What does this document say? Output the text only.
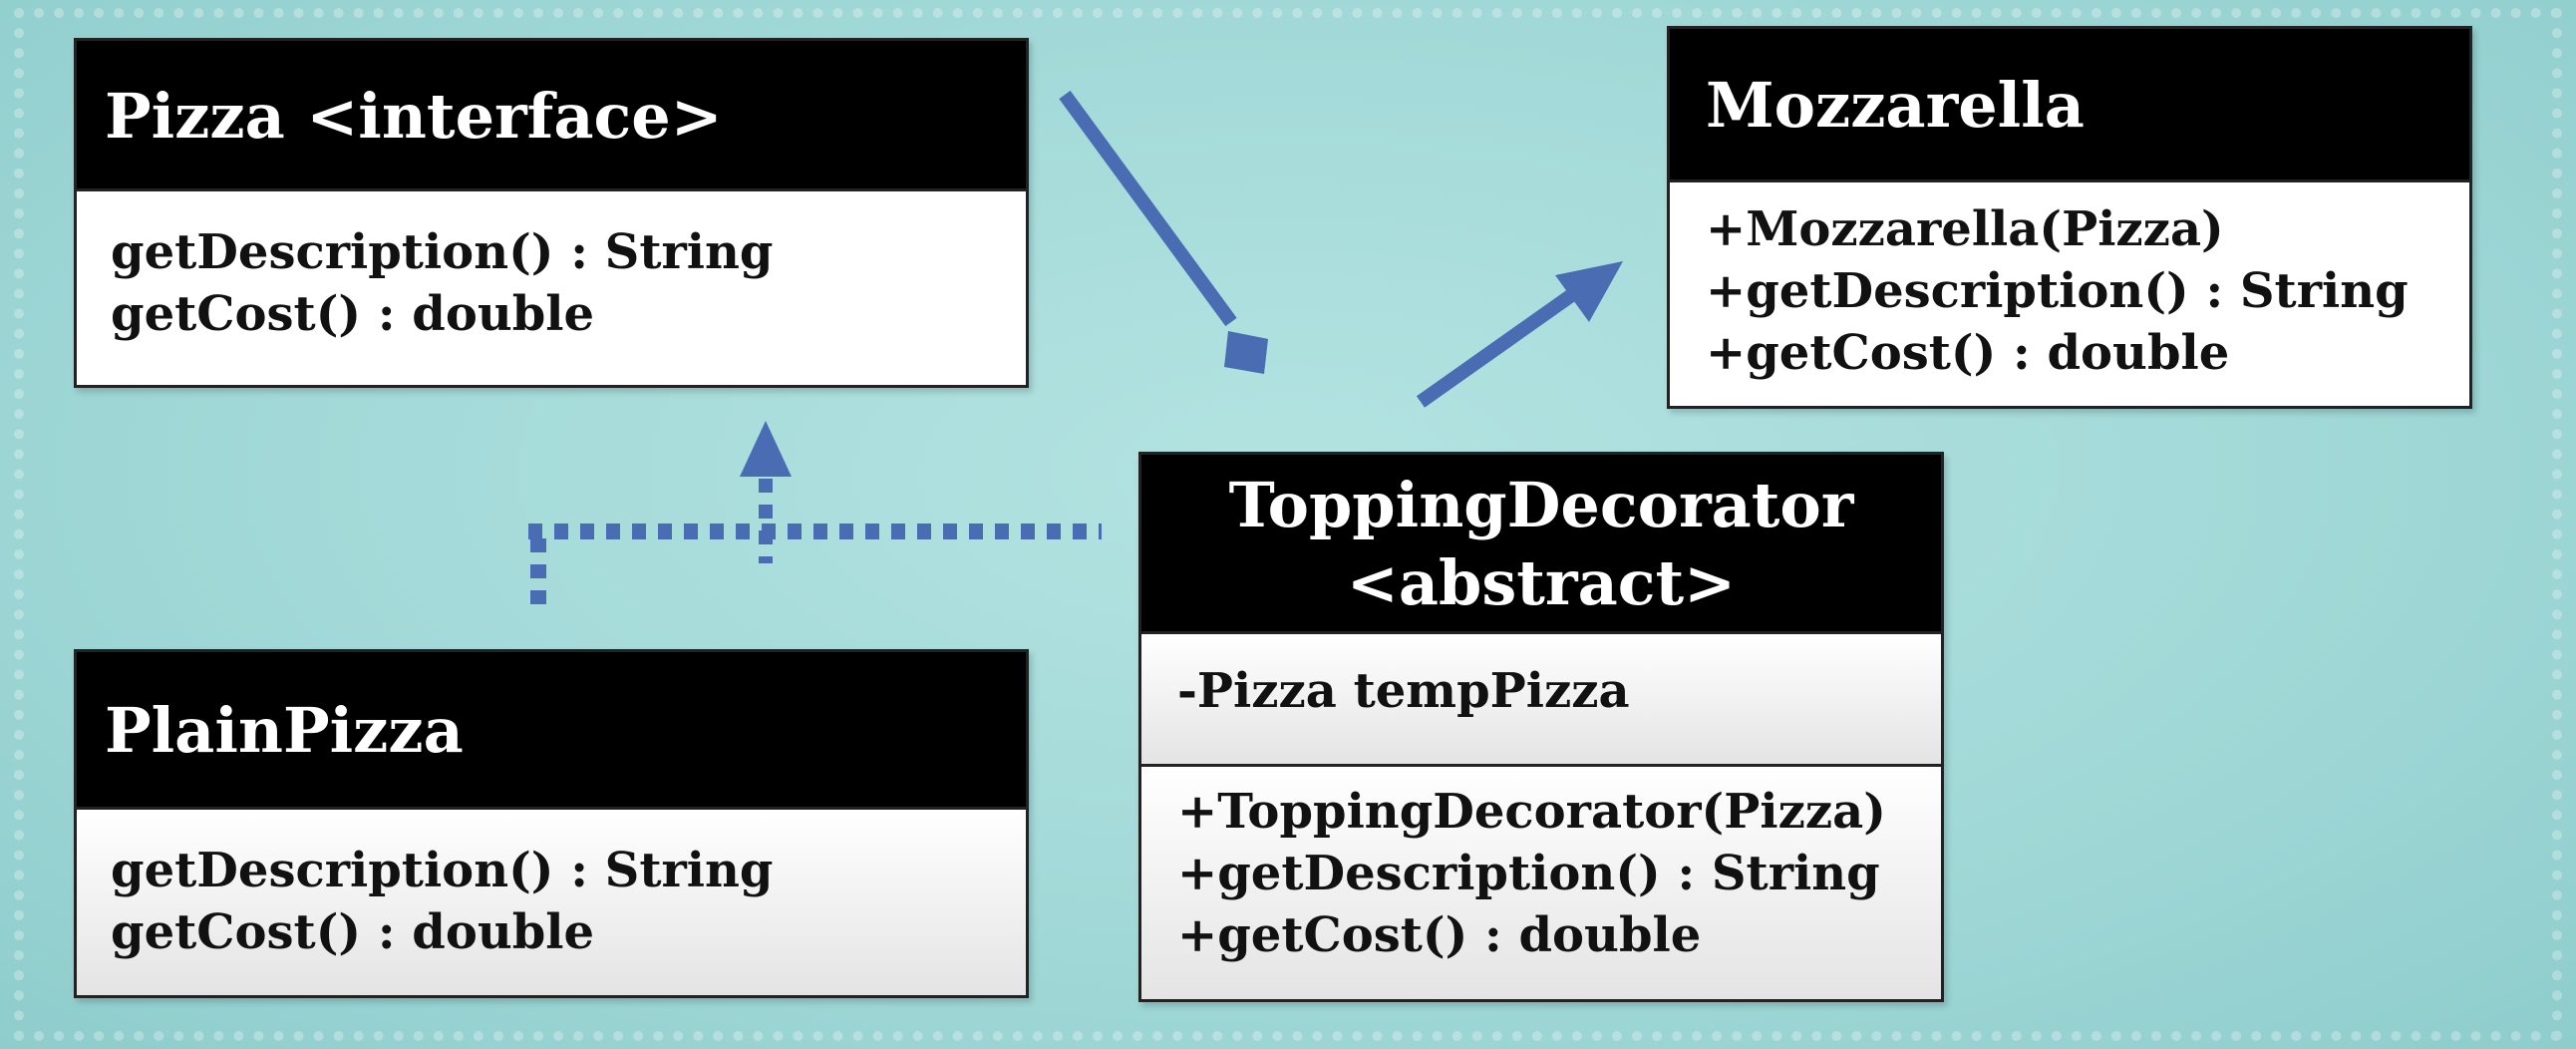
Pizza <interface>
getDescription() : String
getCost() : double
Mozzarella
+Mozzarella(Pizza)
+getDescription() : String
+getCost() : double
ToppingDecorator
<abstract>
-Pizza tempPizza
+ToppingDecorator(Pizza)
+getDescription() : String
+getCost() : double
PlainPizza
getDescription() : String
getCost() : double
